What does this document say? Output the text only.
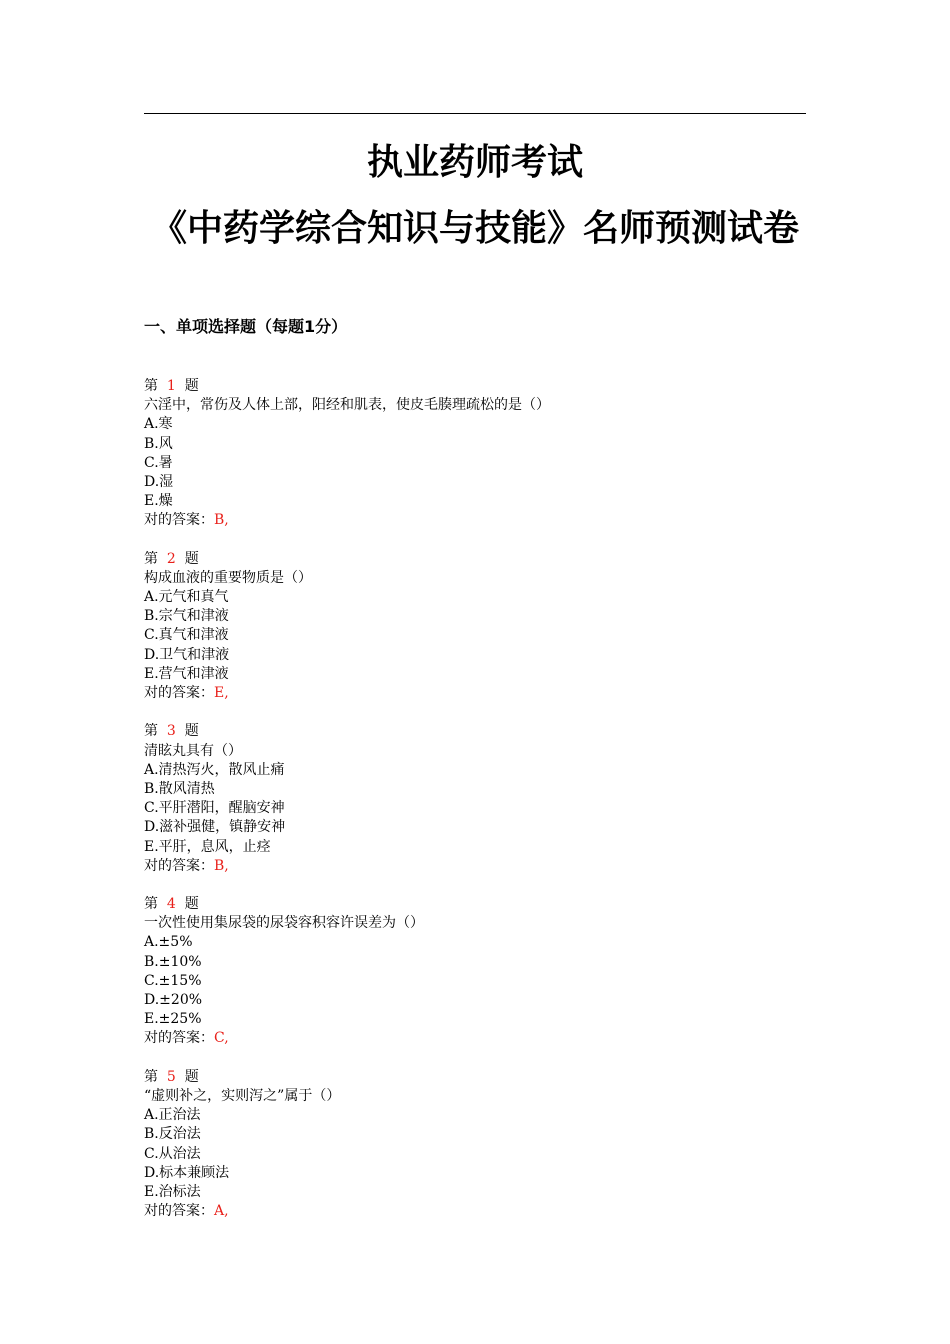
执业药师考试
《中药学综合知识与技能》名师预测试卷
一、单项选择题（每题1分）
第 1 题
六淫中，常伤及人体上部，阳经和肌表，使皮毛腠理疏松的是（）
A.寒
B.风
C.暑
D.湿
E.燥
对的答案：B,
第 2 题
构成血液的重要物质是（）
A.元气和真气
B.宗气和津液
C.真气和津液
D.卫气和津液
E.营气和津液
对的答案：E,
第 3 题
清眩丸具有（）
A.清热泻火，散风止痛
B.散风清热
C.平肝潜阳，醒脑安神
D.滋补强健，镇静安神
E.平肝，息风，止痉
对的答案：B,
第 4 题
一次性使用集尿袋的尿袋容积容许误差为（）
A.±5%
B.±10%
C.±15%
D.±20%
E.±25%
对的答案：C,
第 5 题
“虚则补之，实则泻之”属于（）
A.正治法
B.反治法
C.从治法
D.标本兼顾法
E.治标法
对的答案：A,
